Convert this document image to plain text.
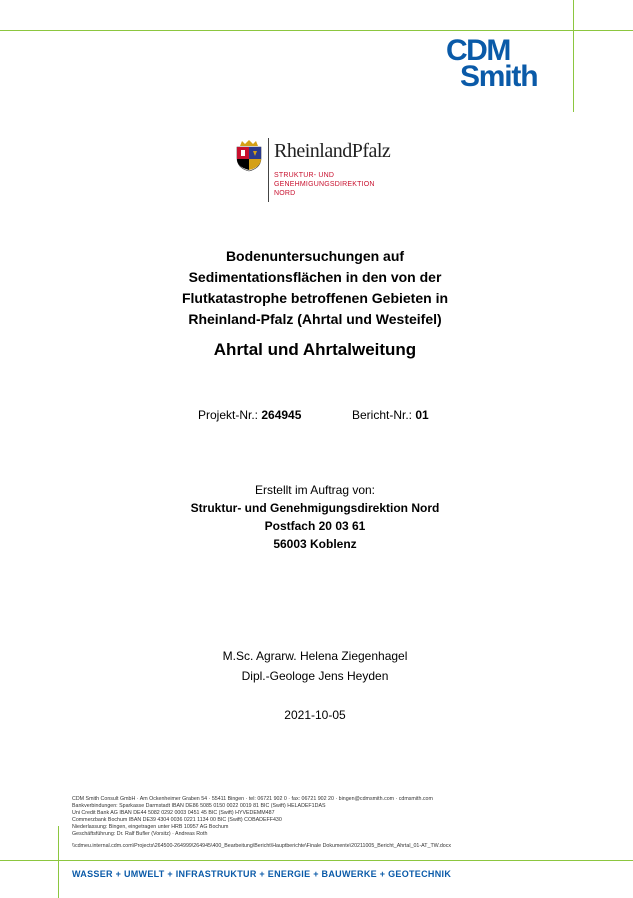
CDM
Smith
RheinlandPfalz
STRUKTUR- UND
GENEHMIGUNGSDIREKTION
NORD
Bodenuntersuchungen auf
Sedimentationsflächen in den von der
Flutkatastrophe betroffenen Gebieten in
Rheinland-Pfalz (Ahrtal und Westeifel)
Ahrtal und Ahrtalweitung
Projekt-Nr.: 264945	Bericht-Nr.: 01
Erstellt im Auftrag von:
Struktur- und Genehmigungsdirektion Nord
Postfach 20 03 61
56003 Koblenz
M.Sc. Agrarw. Helena Ziegenhagel
Dipl.-Geologe Jens Heyden
2021-10-05
CDM Smith Consult GmbH · Am Ockenheimer Graben 54 · 55411 Bingen · tel: 06721 902 0 · fax: 06721 902 20 · bingen@cdmsmith.com · cdmsmith.com
Bankverbindungen: Sparkasse Darmstadt IBAN DE86 5085 0150 0022 0019 81 BIC (Swift) HELADEF1DAS
Uni Credit Bank AG IBAN DE44 5082 0292 0003 0451 45 BIC (Swift) HYVEDEMM487
Commerzbank Bochum IBAN DE39 4304 0036 0221 1134 00 BIC (Swift) COBADEFF430
Niederlassung: Bingen, eingetragen unter HRB 10957 AG Bochum
Geschäftsführung: Dr. Ralf Bufler (Vorsitz) · Andreas Roth
\\cdmeu.internal.cdm.com\Projects\264500-264999\264945\400_Bearbeitung\Bericht\Hauptberichte\Finale Dokumente\20211005_Bericht_Ahrtal_01-AT_TW.docx
WASSER + UMWELT + INFRASTRUKTUR + ENERGIE + BAUWERKE + GEOTECHNIK
